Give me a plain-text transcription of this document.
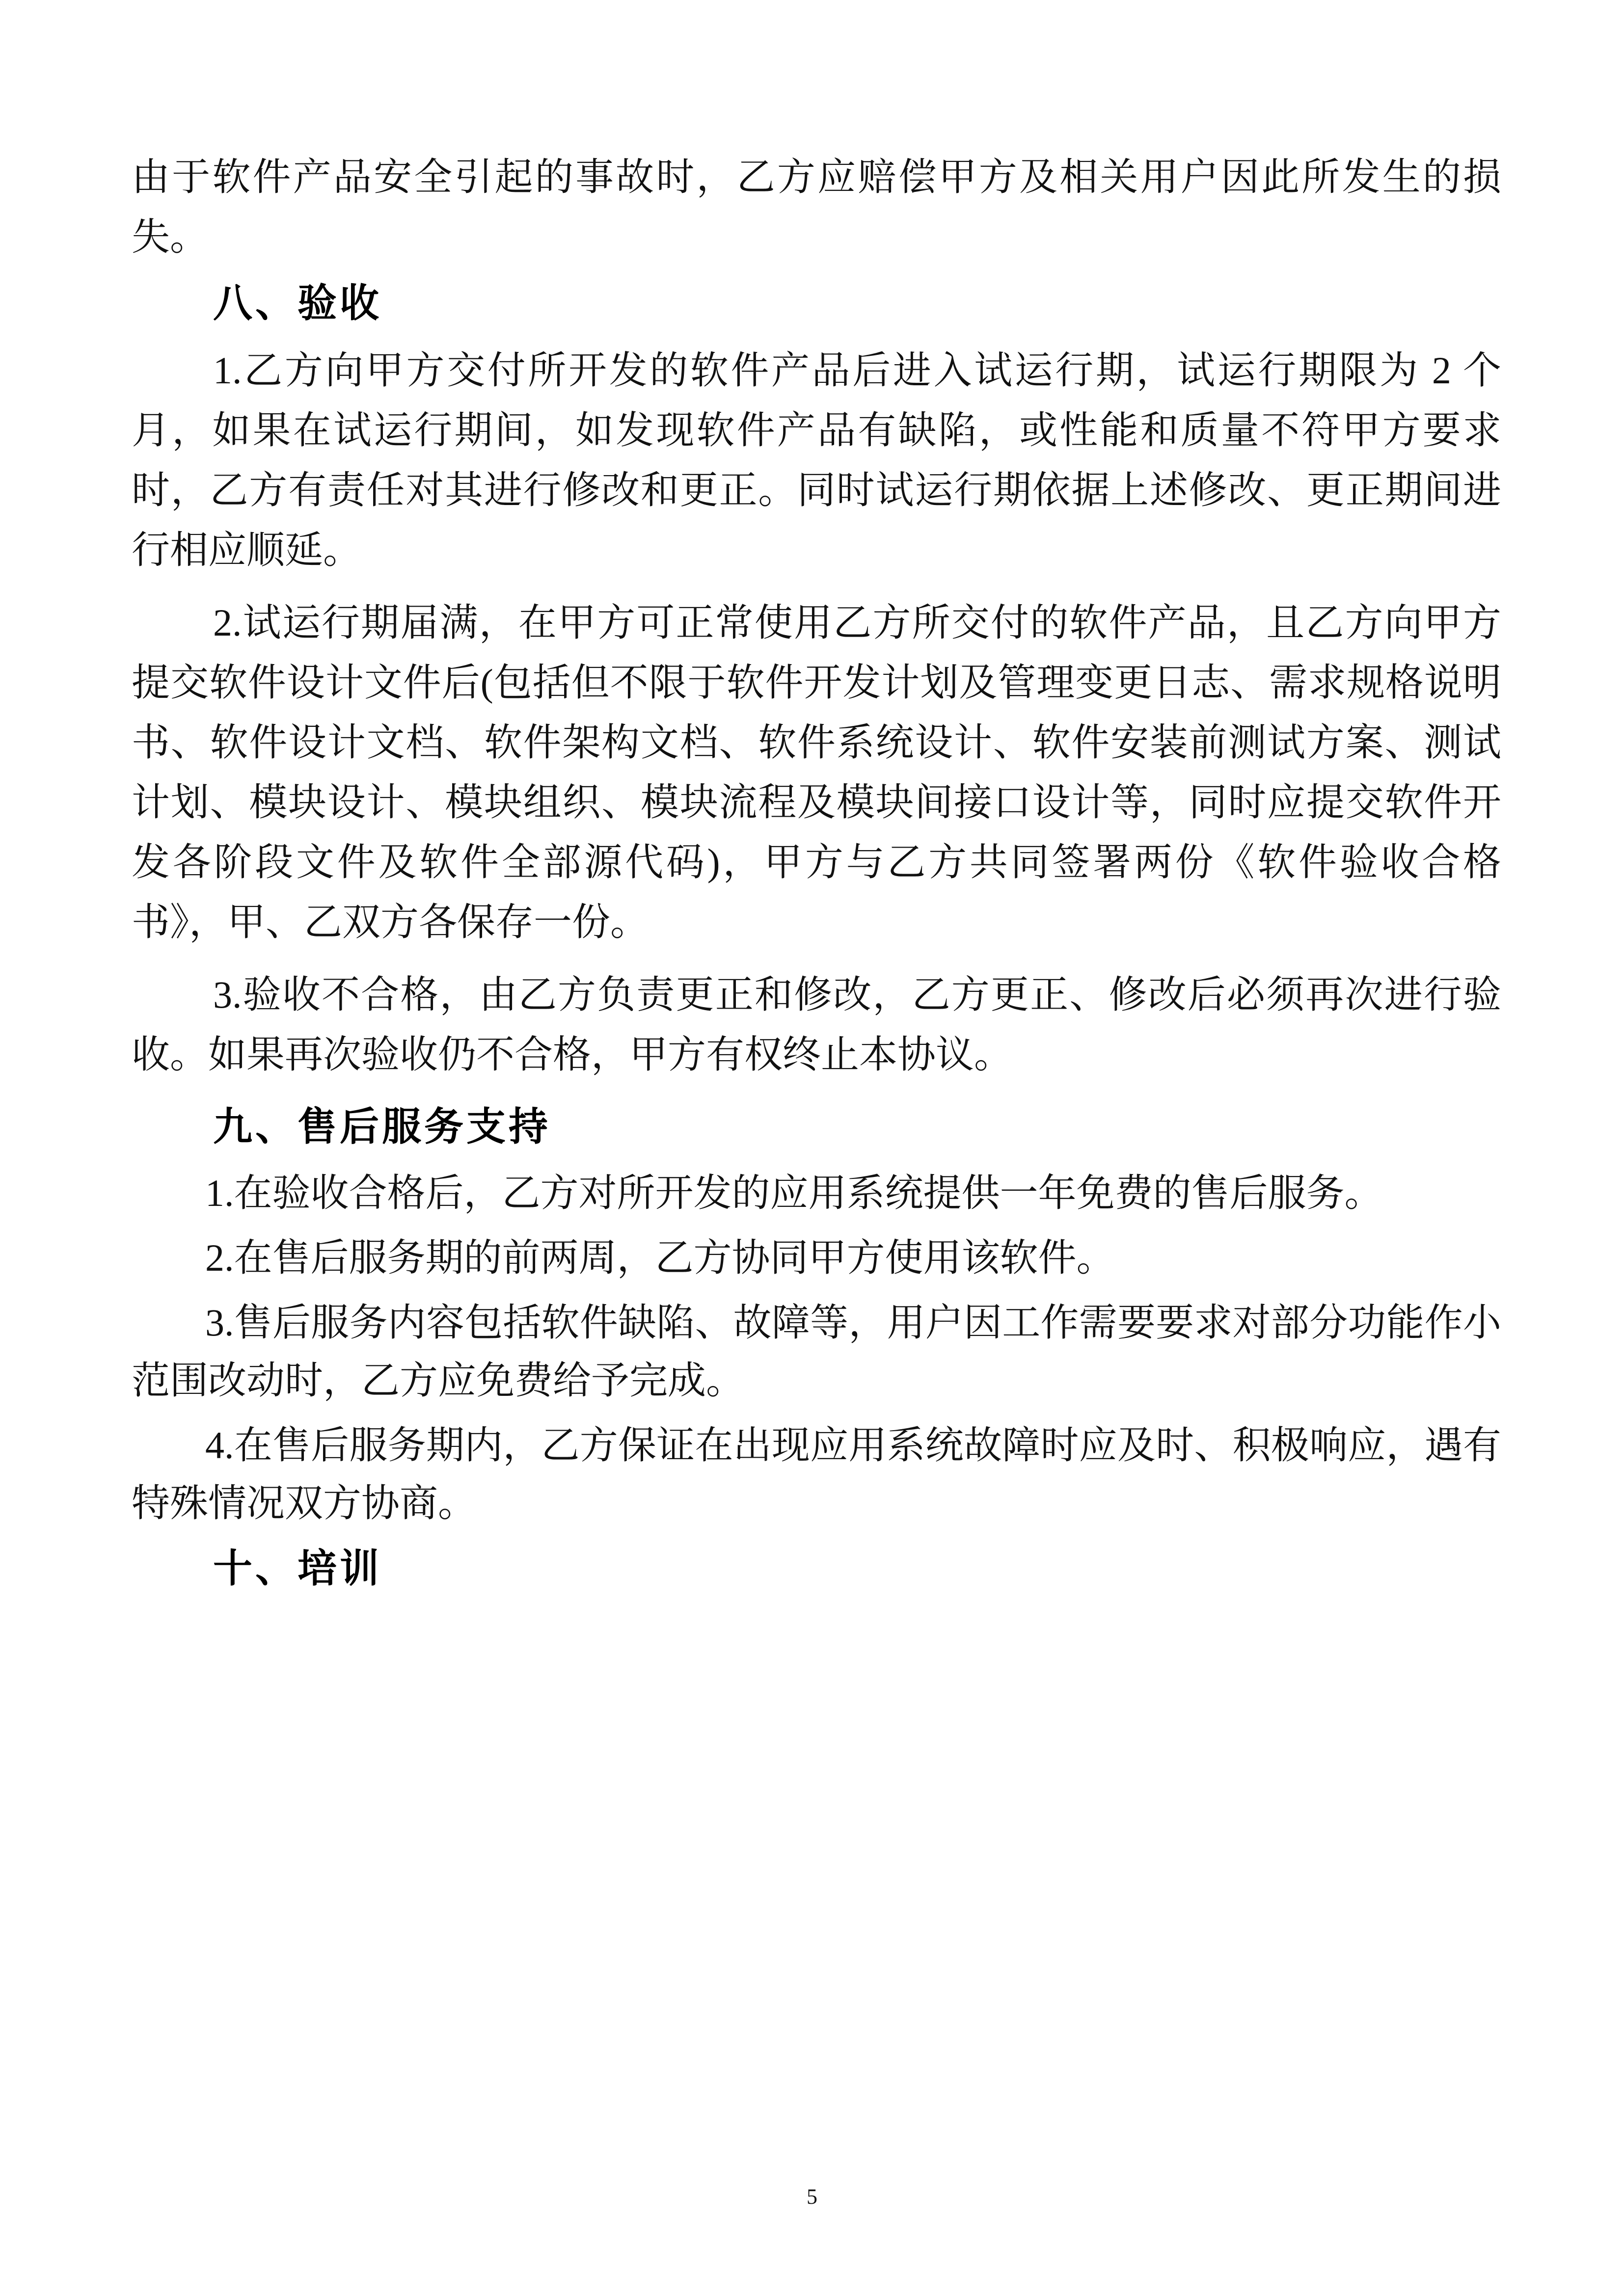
由于软件产品安全引起的事故时，乙方应赔偿甲方及相关用户因此所发生的损失。

八、验收

1.乙方向甲方交付所开发的软件产品后进入试运行期，试运行期限为 2 个月，如果在试运行期间，如发现软件产品有缺陷，或性能和质量不符甲方要求时，乙方有责任对其进行修改和更正。同时试运行期依据上述修改、更正期间进行相应顺延。

2.试运行期届满，在甲方可正常使用乙方所交付的软件产品，且乙方向甲方提交软件设计文件后(包括但不限于软件开发计划及管理变更日志、需求规格说明书、软件设计文档、软件架构文档、软件系统设计、软件安装前测试方案、测试计划、模块设计、模块组织、模块流程及模块间接口设计等，同时应提交软件开发各阶段文件及软件全部源代码)，甲方与乙方共同签署两份《软件验收合格书》，甲、乙双方各保存一份。

3.验收不合格，由乙方负责更正和修改，乙方更正、修改后必须再次进行验收。如果再次验收仍不合格，甲方有权终止本协议。

九、售后服务支持

1.在验收合格后，乙方对所开发的应用系统提供一年免费的售后服务。

2.在售后服务期的前两周，乙方协同甲方使用该软件。

3.售后服务内容包括软件缺陷、故障等，用户因工作需要要求对部分功能作小范围改动时，乙方应免费给予完成。

4.在售后服务期内，乙方保证在出现应用系统故障时应及时、积极响应，遇有特殊情况双方协商。

十、培训
5
